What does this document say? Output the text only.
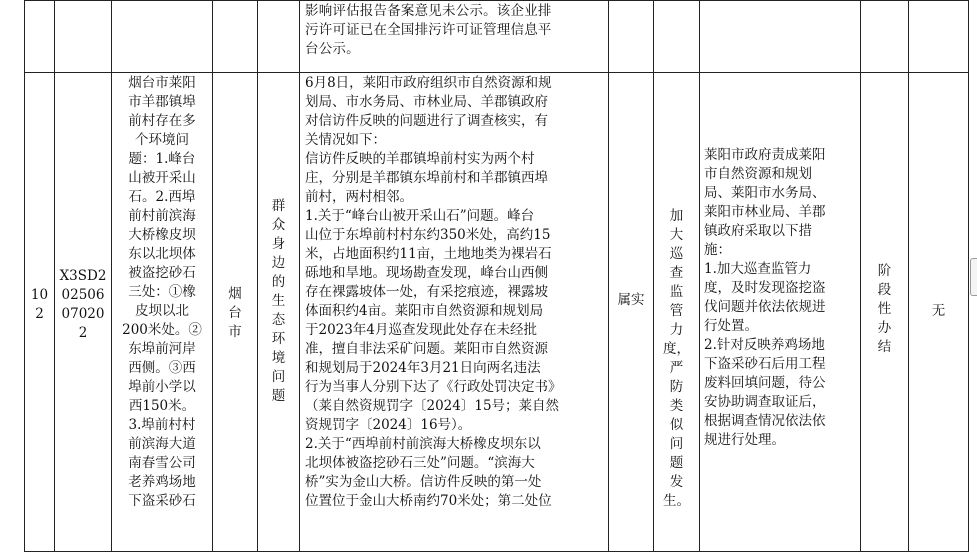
影响评估报告备案意见未公示。该企业排
污许可证已在全国排污许可证管理信息平
台公示。
10
2
X3SD2
02506
07020
2
烟台市莱阳
市羊郡镇埠
前村存在多
个环境问
题：1.峰台
山被开采山
石。2.西埠
前村前滨海
大桥橡皮坝
东以北坝体
被盗挖砂石
三处：①橡
皮坝以北
200米处。②
东埠前河岸
西侧。③西
埠前小学以
西150米。
3.埠前村村
前滨海大道
南春雪公司
老养鸡场地
下盗采砂石
烟
台
市
群
众
身
边
的
生
态
环
境
问
题
6月8日，莱阳市政府组织市自然资源和规
划局、市水务局、市林业局、羊郡镇政府
对信访件反映的问题进行了调查核实，有
关情况如下：
信访件反映的羊郡镇埠前村实为两个村
庄，分别是羊郡镇东埠前村和羊郡镇西埠
前村，两村相邻。
1.关于“峰台山被开采山石”问题。峰台
山位于东埠前村村东约350米处，高约15
米，占地面积约11亩，土地地类为裸岩石
砾地和旱地。现场勘查发现，峰台山西侧
存在裸露坡体一处，有采挖痕迹，裸露坡
体面积约4亩。莱阳市自然资源和规划局
于2023年4月巡查发现此处存在未经批
准，擅自非法采矿问题。莱阳市自然资源
和规划局于2024年3月21日向两名违法
行为当事人分别下达了《行政处罚决定书》
（莱自然资规罚字〔2024〕15号；莱自然
资规罚字〔2024〕16号）。
2.关于“西埠前村前滨海大桥橡皮坝东以
北坝体被盗挖砂石三处”问题。“滨海大
桥”实为金山大桥。信访件反映的第一处
位置位于金山大桥南约70米处；第二处位
属实
加
大
巡
查
监
管
力
度，
严
防
类
似
问
题
发
生。
莱阳市政府责成莱阳
市自然资源和规划
局、莱阳市水务局、
莱阳市林业局、羊郡
镇政府采取以下措
施：
1.加大巡查监管力
度，及时发现盗挖盗
伐问题并依法依规进
行处置。
2.针对反映养鸡场地
下盗采砂石后用工程
废料回填问题，待公
安协助调查取证后，
根据调查情况依法依
规进行处理。
阶
段
性
办
结
无
